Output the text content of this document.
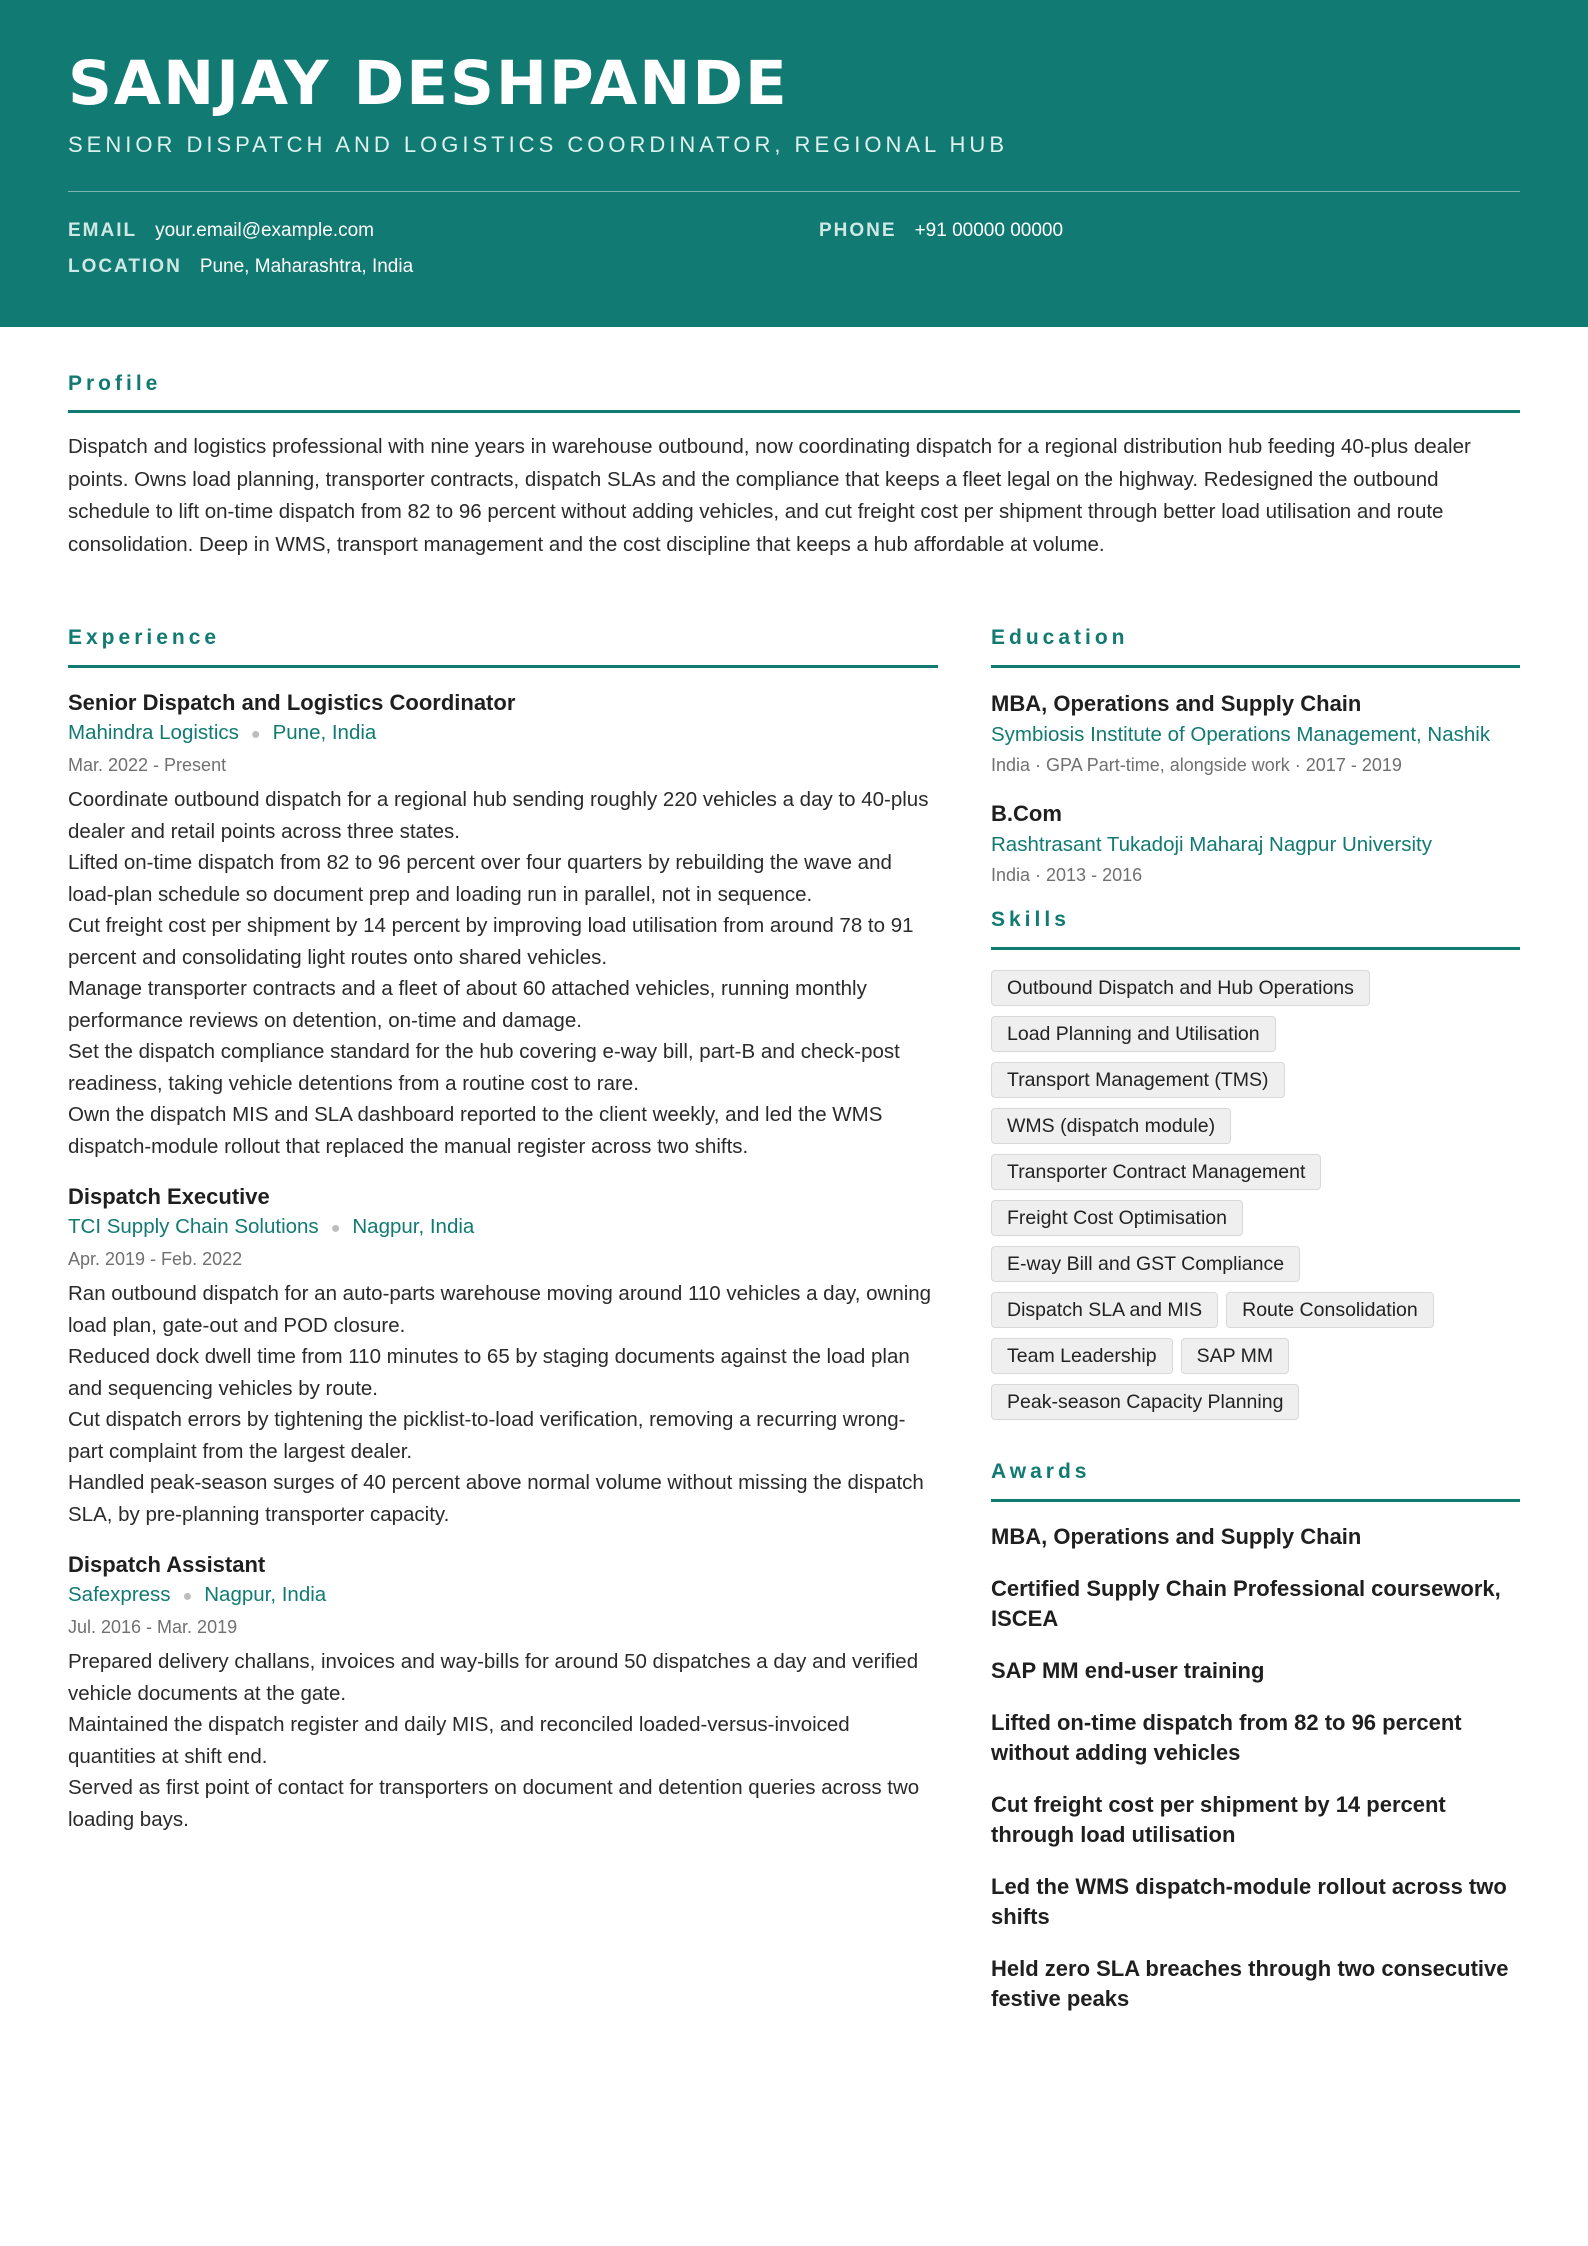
SANJAY DESHPANDE
SENIOR DISPATCH AND LOGISTICS COORDINATOR, REGIONAL HUB
EMAIL your.email@example.com	PHONE +91 00000 00000
LOCATION Pune, Maharashtra, India
Profile

Dispatch and logistics professional with nine years in warehouse outbound, now coordinating dispatch for a regional distribution hub feeding 40-plus dealer points. Owns load planning, transporter contracts, dispatch SLAs and the compliance that keeps a fleet legal on the highway. Redesigned the outbound schedule to lift on-time dispatch from 82 to 96 percent without adding vehicles, and cut freight cost per shipment through better load utilisation and route consolidation. Deep in WMS, transport management and the cost discipline that keeps a hub affordable at volume.

Experience

Senior Dispatch and Logistics Coordinator

Mahindra Logistics ● Pune, India
Mar. 2022 - Present

Coordinate outbound dispatch for a regional hub sending roughly 220 vehicles a day to 40-plus dealer and retail points across three states.

Lifted on-time dispatch from 82 to 96 percent over four quarters by rebuilding the wave and load-plan schedule so document prep and loading run in parallel, not in sequence.

Cut freight cost per shipment by 14 percent by improving load utilisation from around 78 to 91 percent and consolidating light routes onto shared vehicles.

Manage transporter contracts and a fleet of about 60 attached vehicles, running monthly performance reviews on detention, on-time and damage.

Set the dispatch compliance standard for the hub covering e-way bill, part-B and check-post readiness, taking vehicle detentions from a routine cost to rare.

Own the dispatch MIS and SLA dashboard reported to the client weekly, and led the WMS dispatch-module rollout that replaced the manual register across two shifts.

Dispatch Executive

TCI Supply Chain Solutions ● Nagpur, India
Apr. 2019 - Feb. 2022

Ran outbound dispatch for an auto-parts warehouse moving around 110 vehicles a day, owning load plan, gate-out and POD closure.

Reduced dock dwell time from 110 minutes to 65 by staging documents against the load plan and sequencing vehicles by route.

Cut dispatch errors by tightening the picklist-to-load verification, removing a recurring wrong-part complaint from the largest dealer.

Handled peak-season surges of 40 percent above normal volume without missing the dispatch SLA, by pre-planning transporter capacity.

Dispatch Assistant

Safexpress ● Nagpur, India
Jul. 2016 - Mar. 2019

Prepared delivery challans, invoices and way-bills for around 50 dispatches a day and verified vehicle documents at the gate.

Maintained the dispatch register and daily MIS, and reconciled loaded-versus-invoiced quantities at shift end.

Served as first point of contact for transporters on document and detention queries across two loading bays.

Education

MBA, Operations and Supply Chain

Symbiosis Institute of Operations Management, Nashik
India · GPA Part-time, alongside work · 2017 - 2019

B.Com

Rashtrasant Tukadoji Maharaj Nagpur University
India · 2013 - 2016
Skills
Outbound Dispatch and Hub Operations
Load Planning and Utilisation
Transport Management (TMS)
WMS (dispatch module)
Transporter Contract Management
Freight Cost Optimisation
E-way Bill and GST Compliance
Dispatch SLA and MIS	Route Consolidation
Team Leadership	SAP MM
Peak-season Capacity Planning
Awards

MBA, Operations and Supply Chain

Certified Supply Chain Professional coursework, ISCEA

SAP MM end-user training

Lifted on-time dispatch from 82 to 96 percent without adding vehicles

Cut freight cost per shipment by 14 percent through load utilisation

Led the WMS dispatch-module rollout across two shifts

Held zero SLA breaches through two consecutive festive peaks
